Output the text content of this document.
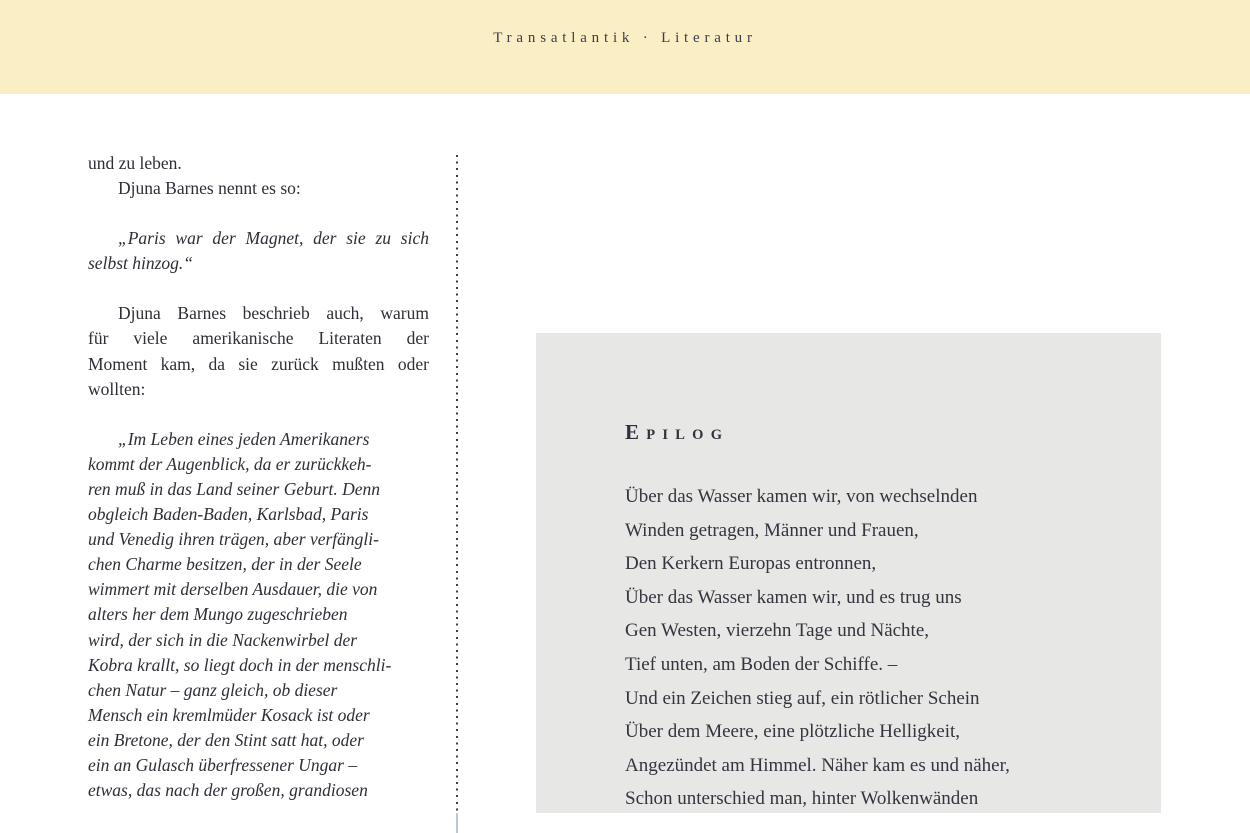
Transatlantik · Literatur
und zu leben.
Djuna Barnes nennt es so:
„Paris war der Magnet, der sie zu sich
selbst hinzog.“
Djuna Barnes beschrieb auch, warum
für viele amerikanische Literaten der
Moment kam, da sie zurück mußten oder
wollten:
„Im Leben eines jeden Amerikaners
kommt der Augenblick, da er zurückkeh-
ren muß in das Land seiner Geburt. Denn
obgleich Baden-Baden, Karlsbad, Paris
und Venedig ihren trägen, aber verfängli-
chen Charme besitzen, der in der Seele
wimmert mit derselben Ausdauer, die von
alters her dem Mungo zugeschrieben
wird, der sich in die Nackenwirbel der
Kobra krallt, so liegt doch in der menschli-
chen Natur – ganz gleich, ob dieser
Mensch ein kremlmüder Kosack ist oder
ein Bretone, der den Stint satt hat, oder
ein an Gulasch überfressener Ungar –
etwas, das nach der großen, grandiosen
EPILOG
Über das Wasser kamen wir, von wechselnden
Winden getragen, Männer und Frauen,
Den Kerkern Europas entronnen,
Über das Wasser kamen wir, und es trug uns
Gen Westen, vierzehn Tage und Nächte,
Tief unten, am Boden der Schiffe. –
Und ein Zeichen stieg auf, ein rötlicher Schein
Über dem Meere, eine plötzliche Helligkeit,
Angezündet am Himmel. Näher kam es und näher,
Schon unterschied man, hinter Wolkenwänden
